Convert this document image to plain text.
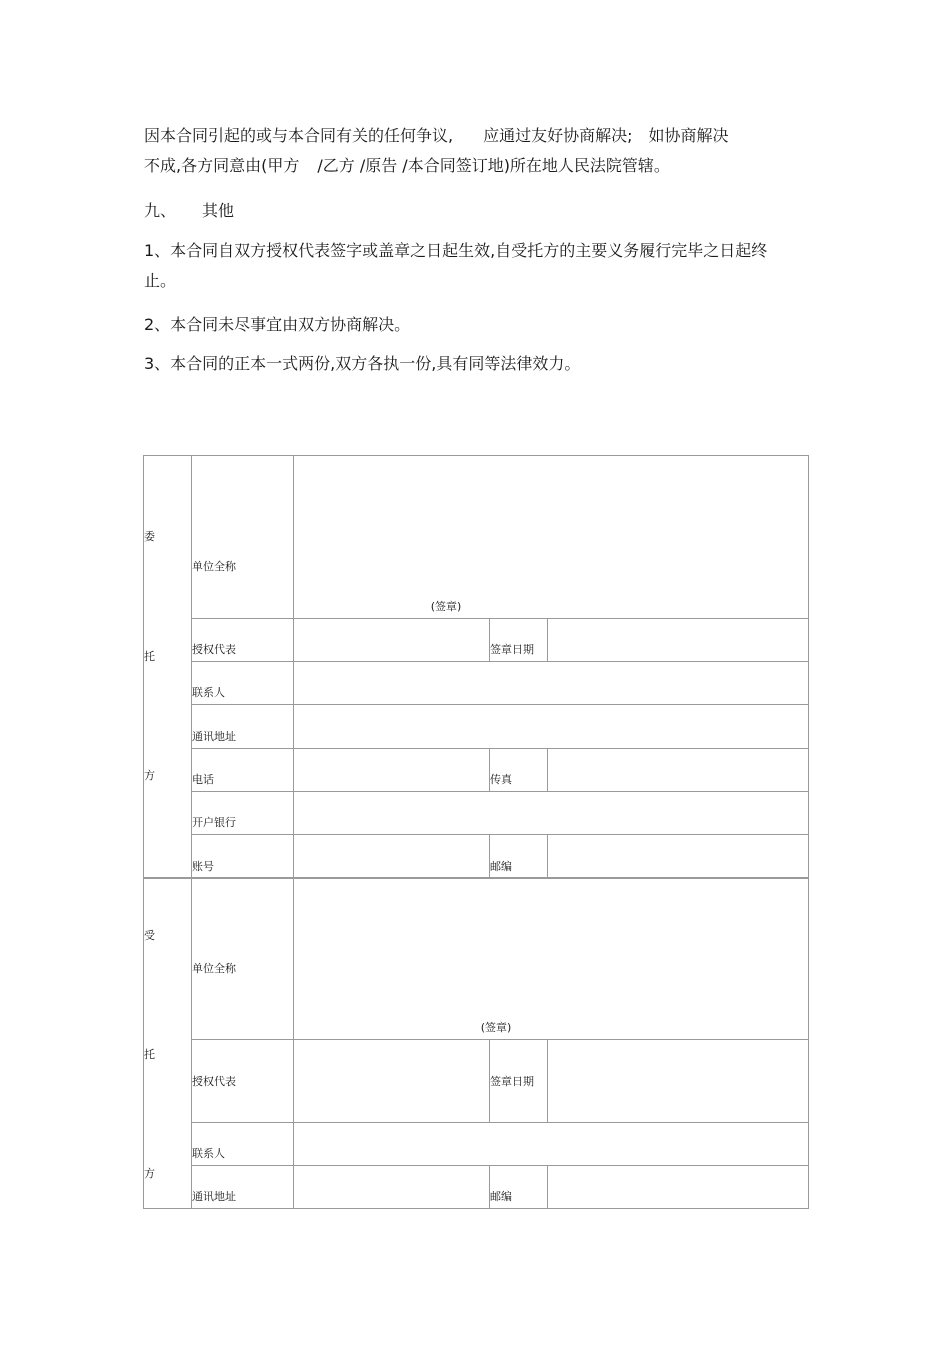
因本合同引起的或与本合同有关的任何争议, 应通过友好协商解决; 如协商解决
不成,各方同意由(甲方 /乙方 /原告 /本合同签订地)所在地人民法院管辖。

九、 其他

1、本合同自双方授权代表签字或盖章之日起生效,自受托方的主要义务履行完毕之日起终止。

2、本合同未尽事宜由双方协商解决。

3、本合同的正本一式两份,双方各执一份,具有同等法律效力。

委
托
方	单位全称	(签章)		
	授权代表		签章日期	
	联系人			
	通讯地址			
	电话		传真	
	开户银行			
	账号		邮编	
受
托
方	单位全称	(签章)		
	授权代表		签章日期	
	联系人			
	通讯地址		邮编	
